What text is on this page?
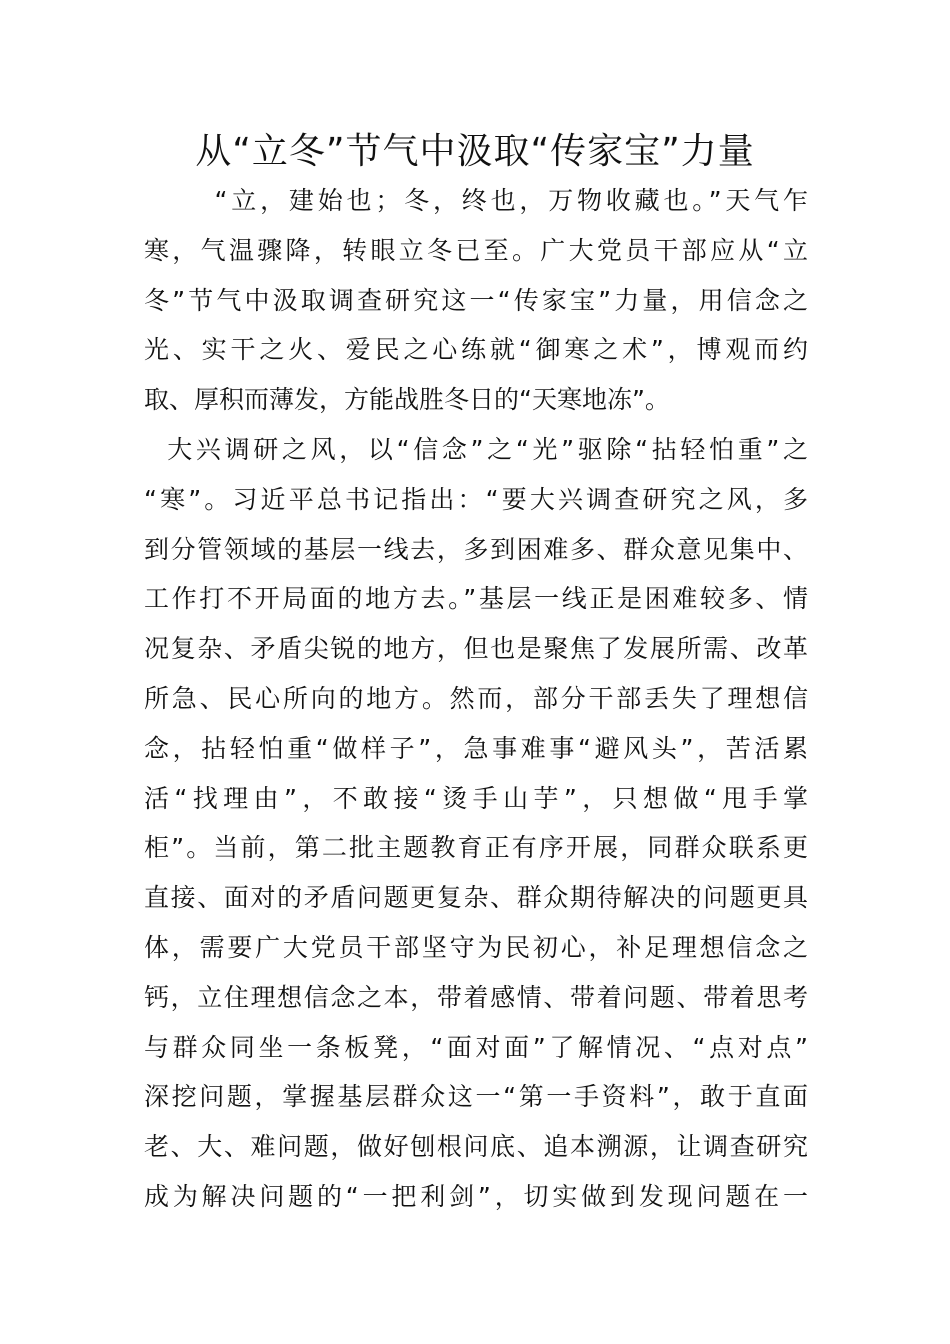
从“立冬”节气中汲取“传家宝”力量
“立，建始也；冬，终也，万物收藏也。”天气乍
寒，气温骤降，转眼立冬已至。广大党员干部应从“立
冬”节气中汲取调查研究这一“传家宝”力量，用信念之
光、实干之火、爱民之心练就“御寒之术”，博观而约
取、厚积而薄发，方能战胜冬日的“天寒地冻”。
大兴调研之风，以“信念”之“光”驱除“拈轻怕重”之
“寒”。习近平总书记指出：“要大兴调查研究之风，多
到分管领域的基层一线去，多到困难多、群众意见集中、
工作打不开局面的地方去。”基层一线正是困难较多、情
况复杂、矛盾尖锐的地方，但也是聚焦了发展所需、改革
所急、民心所向的地方。然而，部分干部丢失了理想信
念，拈轻怕重“做样子”，急事难事“避风头”，苦活累
活“找理由”，不敢接“烫手山芋”，只想做“甩手掌
柜”。当前，第二批主题教育正有序开展，同群众联系更
直接、面对的矛盾问题更复杂、群众期待解决的问题更具
体，需要广大党员干部坚守为民初心，补足理想信念之
钙，立住理想信念之本，带着感情、带着问题、带着思考
与群众同坐一条板凳，“面对面”了解情况、“点对点”
深挖问题，掌握基层群众这一“第一手资料”，敢于直面
老、大、难问题，做好刨根问底、追本溯源，让调查研究
成为解决问题的“一把利剑”，切实做到发现问题在一
